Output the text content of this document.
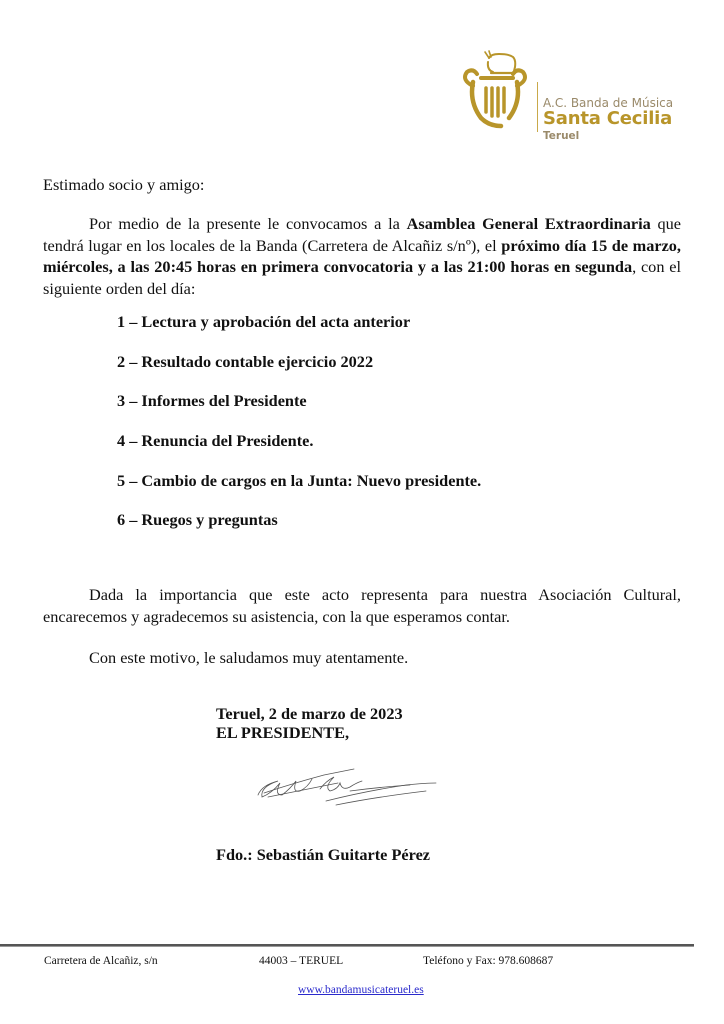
A.C. Banda de Música
Santa Cecilia
Teruel
Estimado socio y amigo:
Por medio de la presente le convocamos a la Asamblea General Extraordinaria que tendrá lugar en los locales de la Banda (Carretera de Alcañiz s/nº), el próximo día 15 de marzo, miércoles, a las 20:45 horas en primera convocatoria y a las 21:00 horas en segunda, con el siguiente orden del día:
1 – Lectura y aprobación del acta anterior
2 – Resultado contable ejercicio 2022
3 – Informes del Presidente
4 – Renuncia del Presidente.
5 – Cambio de cargos en la Junta: Nuevo presidente.
6 – Ruegos y preguntas
Dada la importancia que este acto representa para nuestra Asociación Cultural, encarecemos y agradecemos su asistencia, con la que esperamos contar.
Con este motivo, le saludamos muy atentamente.
Teruel, 2 de marzo de 2023
EL PRESIDENTE,
Fdo.: Sebastián Guitarte Pérez
Carretera de Alcañiz, s/n	44003 – TERUEL	Teléfono y Fax: 978.608687
www.bandamusicateruel.es
